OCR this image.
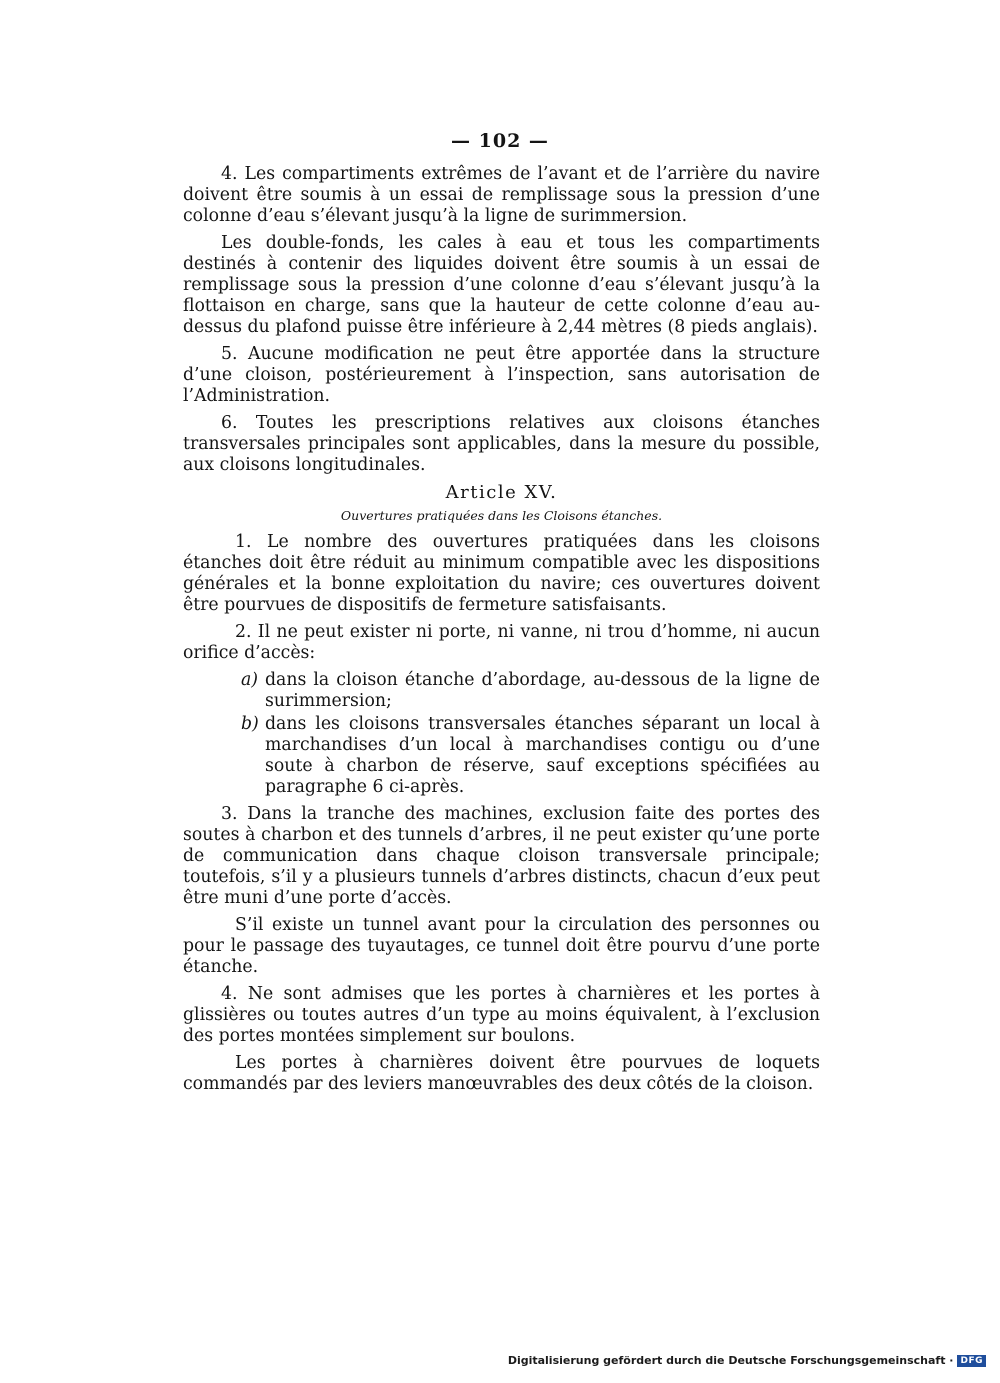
— 102 —

4. Les compartiments extrêmes de l’avant et de l’arrière du navire doivent être soumis à un essai de remplissage sous la pression d’une colonne d’eau s’élevant jusqu’à la ligne de surimmersion.

Les double-fonds, les cales à eau et tous les compartiments destinés à contenir des liquides doivent être soumis à un essai de remplissage sous la pression d’une colonne d’eau s’élevant jusqu’à la flottaison en charge, sans que la hauteur de cette colonne d’eau au-dessus du plafond puisse être inférieure à 2,44 mètres (8 pieds anglais).

5. Aucune modification ne peut être apportée dans la structure d’une cloison, postérieurement à l’inspection, sans autorisation de l’Administration.

6. Toutes les prescriptions relatives aux cloisons étanches transversales principales sont applicables, dans la mesure du possible, aux cloisons longitudinales.

Article XV.
Ouvertures pratiquées dans les Cloisons étanches.

1. Le nombre des ouvertures pratiquées dans les cloisons étanches doit être réduit au minimum compatible avec les dispositions générales et la bonne exploitation du navire; ces ouvertures doivent être pourvues de dispositifs de fermeture satisfaisants.

2. Il ne peut exister ni porte, ni vanne, ni trou d’homme, ni aucun orifice d’accès:

a) dans la cloison étanche d’abordage, au-dessous de la ligne de surimmersion;
b) dans les cloisons transversales étanches séparant un local à marchandises d’un local à marchandises contigu ou d’une soute à charbon de réserve, sauf exceptions spécifiées au paragraphe 6 ci-après.

3. Dans la tranche des machines, exclusion faite des portes des soutes à charbon et des tunnels d’arbres, il ne peut exister qu’une porte de communication dans chaque cloison transversale principale; toutefois, s’il y a plusieurs tunnels d’arbres distincts, chacun d’eux peut être muni d’une porte d’accès.

S’il existe un tunnel avant pour la circulation des personnes ou pour le passage des tuyautages, ce tunnel doit être pourvu d’une porte étanche.

4. Ne sont admises que les portes à charnières et les portes à glissières ou toutes autres d’un type au moins équivalent, à l’exclusion des portes montées simplement sur boulons.

Les portes à charnières doivent être pourvues de loquets commandés par des leviers manœuvrables des deux côtés de la cloison.

Digitalisierung gefördert durch die Deutsche Forschungsgemeinschaft · DFG
